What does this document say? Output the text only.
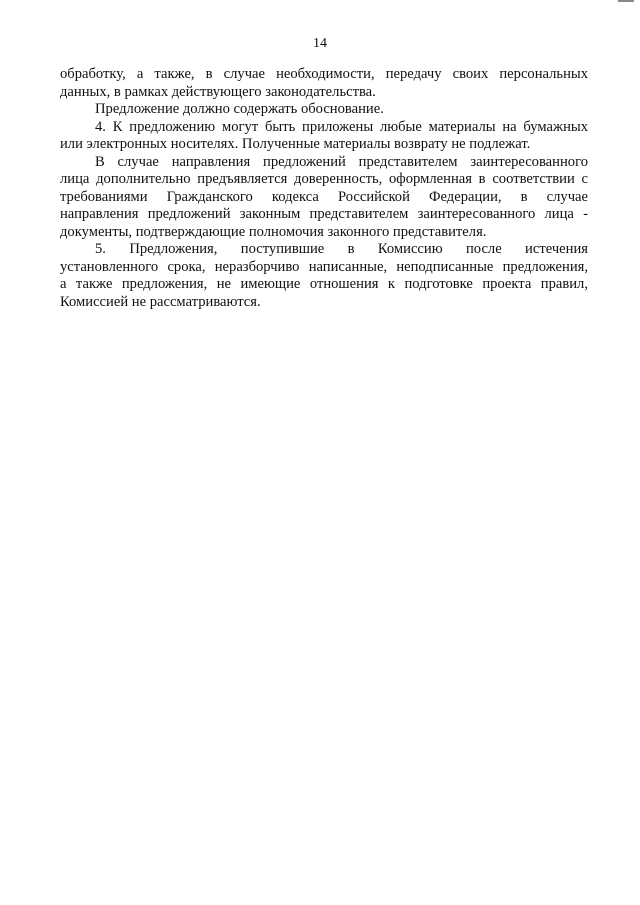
14
обработку, а также, в случае необходимости, передачу своих персональных
данных, в рамках действующего законодательства.
Предложение должно содержать обоснование.
4. К предложению могут быть приложены любые материалы на бумажных
или электронных носителях. Полученные материалы возврату не подлежат.
В случае направления предложений представителем заинтересованного
лица дополнительно предъявляется доверенность, оформленная в соответствии с
требованиями Гражданского кодекса Российской Федерации, в случае
направления предложений законным представителем заинтересованного лица -
документы, подтверждающие полномочия законного представителя.
5. Предложения, поступившие в Комиссию после истечения
установленного срока, неразборчиво написанные, неподписанные предложения,
а также предложения, не имеющие отношения к подготовке проекта правил,
Комиссией не рассматриваются.
